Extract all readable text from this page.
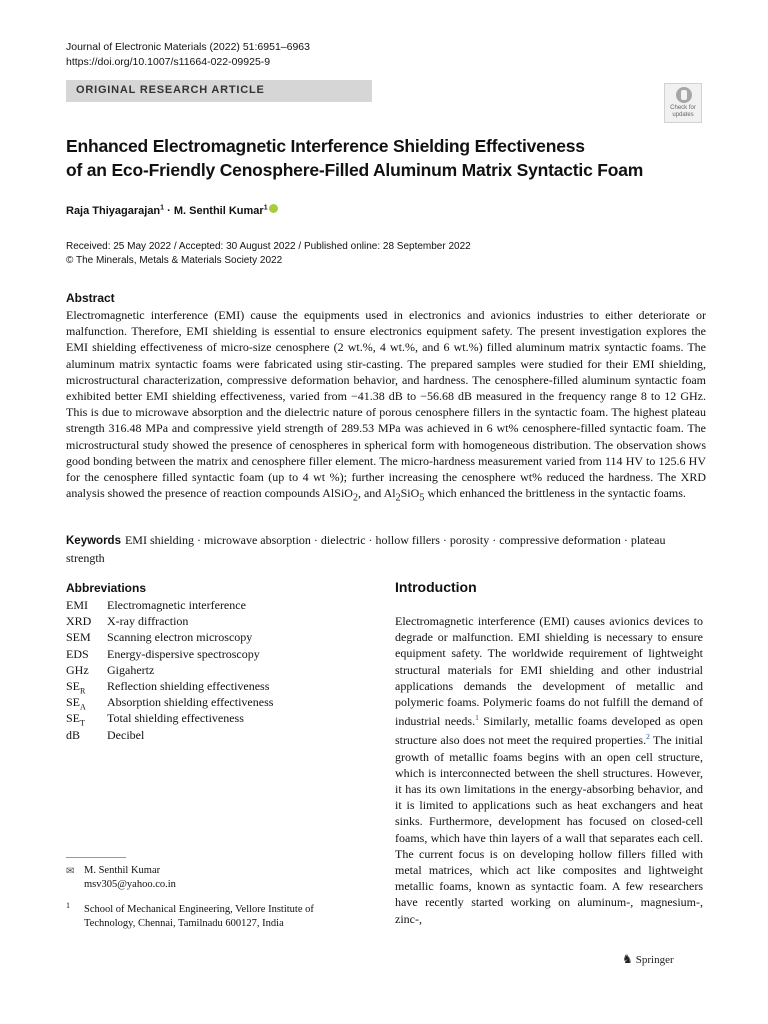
Journal of Electronic Materials (2022) 51:6951–6963
https://doi.org/10.1007/s11664-022-09925-9
ORIGINAL RESEARCH ARTICLE
Check for updates
Enhanced Electromagnetic Interference Shielding Effectiveness
of an Eco-Friendly Cenosphere-Filled Aluminum Matrix Syntactic Foam
Raja Thiyagarajan$^1$ · M. Senthil Kumar$^1$
Received: 25 May 2022 / Accepted: 30 August 2022 / Published online: 28 September 2022
© The Minerals, Metals & Materials Society 2022
Abstract

Electromagnetic interference (EMI) cause the equipments used in electronics and avionics industries to either deteriorate or malfunction. Therefore, EMI shielding is essential to ensure electronics equipment safety. The present investigation explores the EMI shielding effectiveness of micro-size cenosphere (2 wt.%, 4 wt.%, and 6 wt.%) filled aluminum matrix syntactic foams. The aluminum matrix syntactic foams were fabricated using stir-casting. The prepared samples were studied for their EMI shielding, microstructural characterization, compressive deformation behavior, and hardness. The cenosphere-filled aluminum syntactic foam exhibited better EMI shielding effectiveness, varied from −41.38 dB to −56.68 dB measured in the frequency range 8 to 12 GHz. This is due to microwave absorption and the dielectric nature of porous cenosphere fillers in the syntactic foam. The highest plateau strength 316.48 MPa and compressive yield strength of 289.53 MPa was achieved in 6 wt% cenosphere-filled syntactic foam. The microstructural study showed the presence of cenospheres in spherical form with homogeneous distribution. The observation shows good bonding between the matrix and cenosphere filler element. The micro-hardness measurement varied from 114 HV to 125.6 HV for the cenosphere filled syntactic foam (up to 4 wt %); further increasing the cenosphere wt% reduced the hardness. The XRD analysis showed the presence of reaction compounds AlSiO$_2$, and $Al_2SiO_5$ which enhanced the brittleness in the syntactic foams.

Keywords EMI shielding · microwave absorption · dielectric · hollow fillers · porosity · compressive deformation · plateau strength
Abbreviations
EMI Electromagnetic interference
XRD X-ray diffraction
SEM Scanning electron microscopy
EDS Energy-dispersive spectroscopy
GHz Gigahertz
$SE_R$ Reflection shielding effectiveness
$SE_A$ Absorption shielding effectiveness
$SE_T$ Total shielding effectiveness
dB Decibel
✉ M. Senthil Kumar
msv305@yahoo.co.in
1 School of Mechanical Engineering, Vellore Institute of Technology, Chennai, Tamilnadu 600127, India
Introduction

Electromagnetic interference (EMI) causes avionics devices to degrade or malfunction. EMI shielding is necessary to ensure equipment safety. The worldwide requirement of lightweight structural materials for EMI shielding and other industrial applications demands the development of metallic and polymeric foams. Polymeric foams do not fulfill the demand of industrial needs.$^1$ Similarly, metallic foams developed as open structure also does not meet the required properties.$^2$ The initial growth of metallic foams begins with an open cell structure, which is interconnected between the shell structures. However, it has its own limitations in the energy-absorbing behavior, and it is limited to applications such as heat exchangers and heat sinks. Furthermore, development has focused on closed-cell foams, which have thin layers of a wall that separates each cell. The current focus is on developing hollow fillers filled with metal matrices, which act like composites and lightweight metallic foams, known as syntactic foam. A few researchers have recently started working on aluminum-, magnesium-, zinc-,

♞ Springer
